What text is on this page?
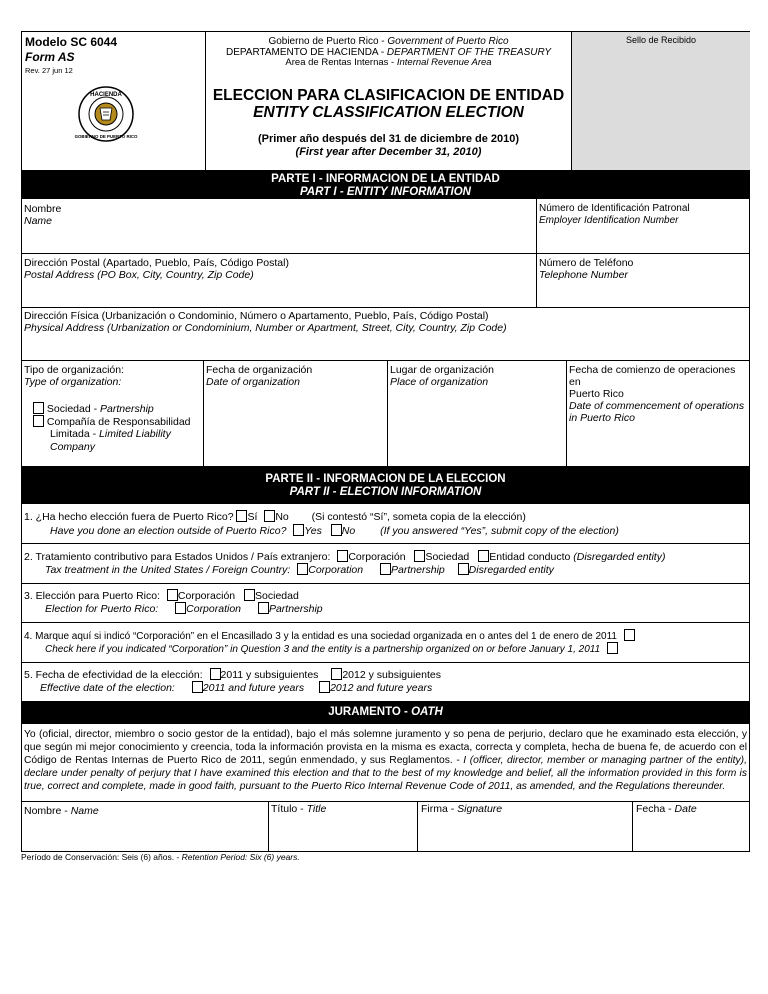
Modelo SC 6044
Form AS
Rev. 27 jun 12
HACIENDA
GOBIERNO DE PUERTO RICO
Gobierno de Puerto Rico - Government of Puerto Rico
DEPARTAMENTO DE HACIENDA - DEPARTMENT OF THE TREASURY
Area de Rentas Internas - Internal Revenue Area
ELECCION PARA CLASIFICACION DE ENTIDAD
ENTITY CLASSIFICATION ELECTION
(Primer año después del 31 de diciembre de 2010)
(First year after December 31, 2010)
Sello de Recibido
PARTE I - INFORMACION DE LA ENTIDAD
PART I - ENTITY INFORMATION
Nombre
Name
Número de Identificación Patronal
Employer Identification Number
Dirección Postal (Apartado, Pueblo, País, Código Postal)
Postal Address (PO Box, City, Country, Zip Code)
Número de Teléfono
Telephone Number
Dirección Física (Urbanización o Condominio, Número o Apartamento, Pueblo, País, Código Postal)
Physical Address (Urbanization or Condominium, Number or Apartment, Street, City, Country, Zip Code)
Tipo de organización:
Type of organization:
Sociedad - Partnership
Compañía de Responsabilidad
Limitada - Limited Liability
Company
Fecha de organización
Date of organization
Lugar de organización
Place of organization
Fecha de comienzo de operaciones en
Puerto Rico
Date of commencement of operations
in Puerto Rico
PARTE II - INFORMACION DE LA ELECCION
PART II - ELECTION INFORMATION
1. ¿Ha hecho elección fuera de Puerto Rico? Sí No (Si contestó “Sí”, someta copia de la elección)
Have you done an election outside of Puerto Rico? Yes No (If you answered “Yes”, submit copy of the election)
2. Tratamiento contributivo para Estados Unidos / País extranjero: Corporación Sociedad Entidad conducto (Disregarded entity)
Tax treatment in the United States / Foreign Country: Corporation	Partnership Disregarded entity
3. Elección para Puerto Rico: Corporación Sociedad
Election for Puerto Rico:	Corporation	Partnership
4. Marque aquí si indicó “Corporación” en el Encasillado 3 y la entidad es una sociedad organizada en o antes del 1 de enero de 2011
Check here if you indicated “Corporation” in Question 3 and the entity is a partnership organized on or before January 1, 2011
5. Fecha de efectividad de la elección: 2011 y subsiguientes 2012 y subsiguientes
Effective date of the election:	2011 and future years 2012 and future years
JURAMENTO - OATH
Yo (oficial, director, miembro o socio gestor de la entidad), bajo el más solemne juramento y so pena de perjurio, declaro que he examinado esta elección, y que según mi mejor conocimiento y creencia, toda la información provista en la misma es exacta, correcta y completa, hecha de buena fe, de acuerdo con el Código de Rentas Internas de Puerto Rico de 2011, según enmendado, y sus Reglamentos. - I (officer, director, member or managing partner of the entity), declare under penalty of perjury that I have examined this election and that to the best of my knowledge and belief, all the information provided in this form is true, correct and complete, made in good faith, pursuant to the Puerto Rico Internal Revenue Code of 2011, as amended, and the Regulations thereunder.
Nombre - Name	Título - Title	Firma - Signature	Fecha - Date
Período de Conservación: Seis (6) años. - Retention Period: Six (6) years.
